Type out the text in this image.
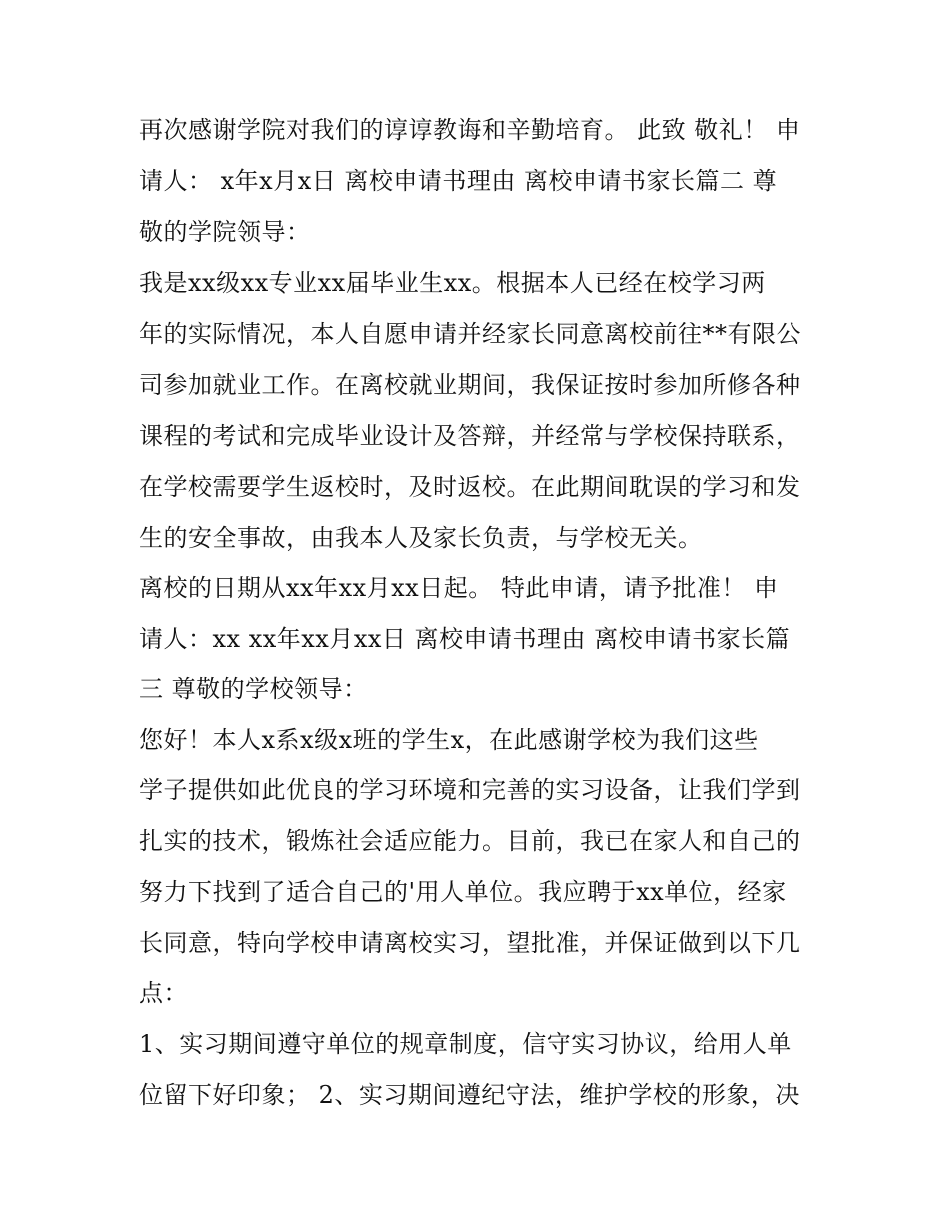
再次感谢学院对我们的谆谆教诲和辛勤培育。 此致 敬礼！ 申
请人： x年x月x日 离校申请书理由 离校申请书家长篇二 尊
敬的学院领导：
我是xx级xx专业xx届毕业生xx。根据本人已经在校学习两
年的实际情况，本人自愿申请并经家长同意离校前往**有限公
司参加就业工作。在离校就业期间，我保证按时参加所修各种
课程的考试和完成毕业设计及答辩，并经常与学校保持联系，
在学校需要学生返校时，及时返校。在此期间耽误的学习和发
生的安全事故，由我本人及家长负责，与学校无关。
离校的日期从xx年xx月xx日起。 特此申请，请予批准！ 申
请人：xx xx年xx月xx日 离校申请书理由 离校申请书家长篇
三 尊敬的学校领导：
您好！本人x系x级x班的学生x，在此感谢学校为我们这些
学子提供如此优良的学习环境和完善的实习设备，让我们学到
扎实的技术，锻炼社会适应能力。目前，我已在家人和自己的
努力下找到了适合自己的'用人单位。我应聘于xx单位，经家
长同意，特向学校申请离校实习，望批准，并保证做到以下几
点：
1、实习期间遵守单位的规章制度，信守实习协议，给用人单
位留下好印象； 2、实习期间遵纪守法，维护学校的形象，决
